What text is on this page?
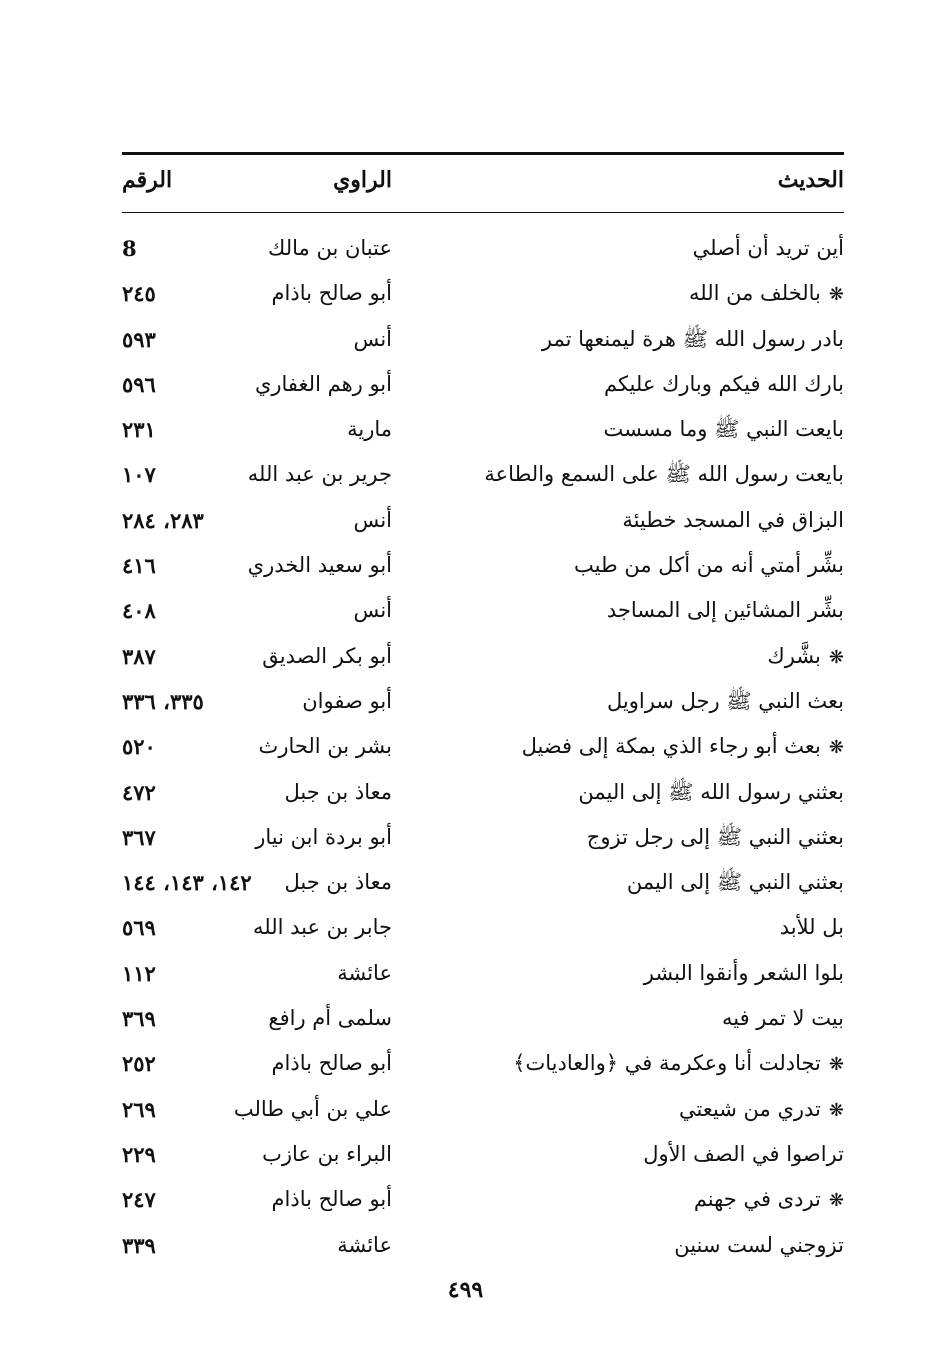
الحديث
الراوي
الرقم
أين تريد أن أصلي
عتبان بن مالك
8
❋بالخلف من الله
أبو صالح باذام
٢٤٥
بادر رسول الله ﷺ هرة ليمنعها تمر
أنس
٥٩٣
بارك الله فيكم وبارك عليكم
أبو رهم الغفاري
٥٩٦
بايعت النبي ﷺ وما مسست
مارية
٢٣١
بايعت رسول الله ﷺ على السمع والطاعة
جرير بن عبد الله
١٠٧
البزاق في المسجد خطيئة
أنس
٢٨٣، ٢٨٤
بشِّر أمتي أنه من أكل من طيب
أبو سعيد الخدري
٤١٦
بشِّر المشائين إلى المساجد
أنس
٤٠٨
❋بشَّرك
أبو بكر الصديق
٣٨٧
بعث النبي ﷺ رجل سراويل
أبو صفوان
٣٣٥، ٣٣٦
❋بعث أبو رجاء الذي بمكة إلى فضيل
بشر بن الحارث
٥٢٠
بعثني رسول الله ﷺ إلى اليمن
معاذ بن جبل
٤٧٢
بعثني النبي ﷺ إلى رجل تزوج
أبو بردة ابن نيار
٣٦٧
بعثني النبي ﷺ إلى اليمن
معاذ بن جبل
١٤٢، ١٤٣، ١٤٤
بل للأبد
جابر بن عبد الله
٥٦٩
بلوا الشعر وأنقوا البشر
عائشة
١١٢
بيت لا تمر فيه
سلمى أم رافع
٣٦٩
❋تجادلت أنا وعكرمة في ﴿والعاديات﴾
أبو صالح باذام
٢٥٢
❋تدري من شيعتي
علي بن أبي طالب
٢٦٩
تراصوا في الصف الأول
البراء بن عازب
٢٢٩
❋تردى في جهنم
أبو صالح باذام
٢٤٧
تزوجني لست سنين
عائشة
٣٣٩
٤٩٩
